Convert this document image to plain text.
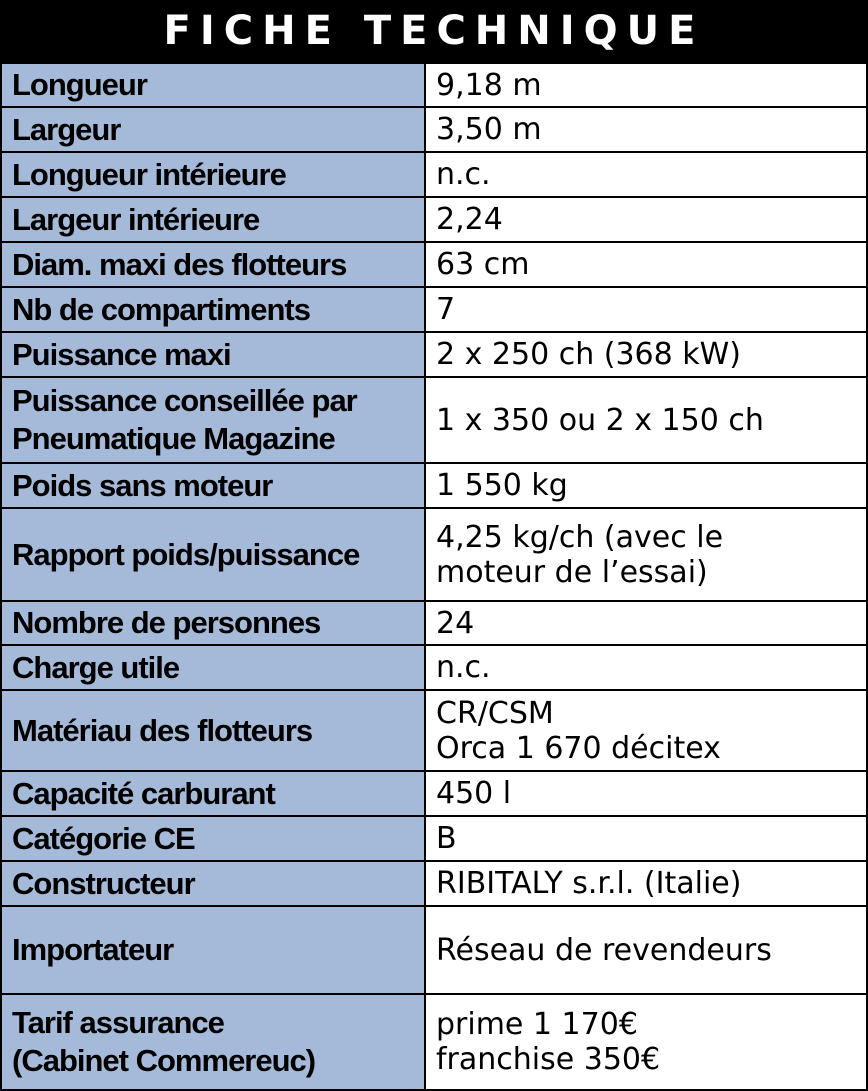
FICHE TECHNIQUE
Longueur	9,18 m

Largeur	3,50 m

Longueur intérieure	n.c.

Largeur intérieure	2,24

Diam. maxi des flotteurs	63 cm

Nb de compartiments	7

Puissance maxi	2 x 250 ch (368 kW)

Puissance conseillée par
Pneumatique Magazine	1 x 350 ou 2 x 150 ch

Poids sans moteur	1 550 kg

Rapport poids/puissance	4,25 kg/ch (avec le
moteur de l’essai)

Nombre de personnes	24

Charge utile	n.c.

Matériau des flotteurs	CR/CSM
Orca 1 670 décitex

Capacité carburant	450 l

Catégorie CE	B

Constructeur	RIBITALY s.r.l. (Italie)

Importateur	Réseau de revendeurs

Tarif assurance
(Cabinet Commereuc)	prime 1 170€
franchise 350€
